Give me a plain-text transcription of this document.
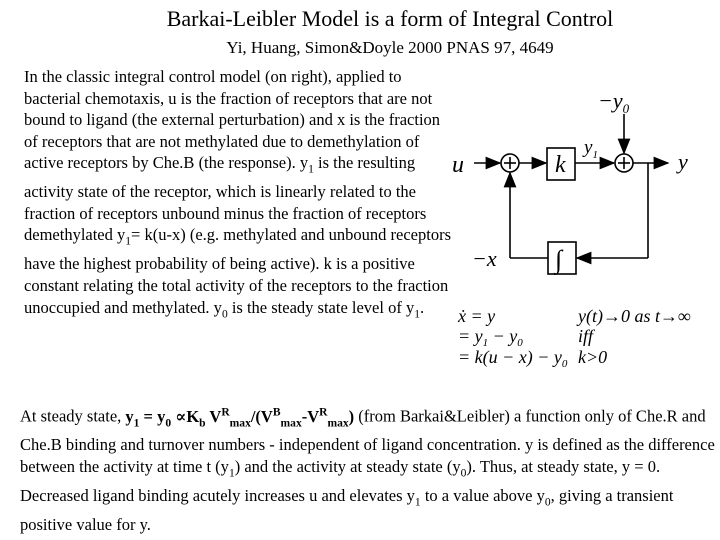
Barkai-Leibler Model is a form of Integral Control
Yi, Huang, Simon&Doyle 2000 PNAS 97, 4649

In the classic integral control model (on right), applied to bacterial chemotaxis, u is the fraction of receptors that are not bound to ligand (the external perturbation) and x is the fraction of receptors that are not methylated due to demethylation of active receptors by Che.B (the response). $y_1$ is the resulting activity state of the receptor, which is linearly related to the fraction of receptors unbound minus the fraction of receptors demethylated $y_1= k(u-x)$ (e.g. methylated and unbound receptors have the highest probability of being active). k is a positive constant relating the total activity of the receptors to the fraction unoccupied and methylated. $y_0$ is the steady state level of $y_1$.

u
$-y_0$
k
$y_1$	y
−x ∫
ẋ = y	y(t)→0 as t→∞
= $y_1 - y_0$	iff
= $k(u - x) - y_0$ k>0

At steady state, $y_1 = y_0 \propto K_b$ $V^R_{max}/(V^B_{max}-V^R_{max})$ (from Barkai&Leibler) a function only of Che.R and Che.B binding and turnover numbers - independent of ligand concentration. y is defined as the difference between the activity at time t $(y_1)$ and the activity at steady state $(y_0)$. Thus, at steady state, y = 0. Decreased ligand binding acutely increases u and elevates $y_1$ to a value above $y_0$, giving a transient positive value for y.
